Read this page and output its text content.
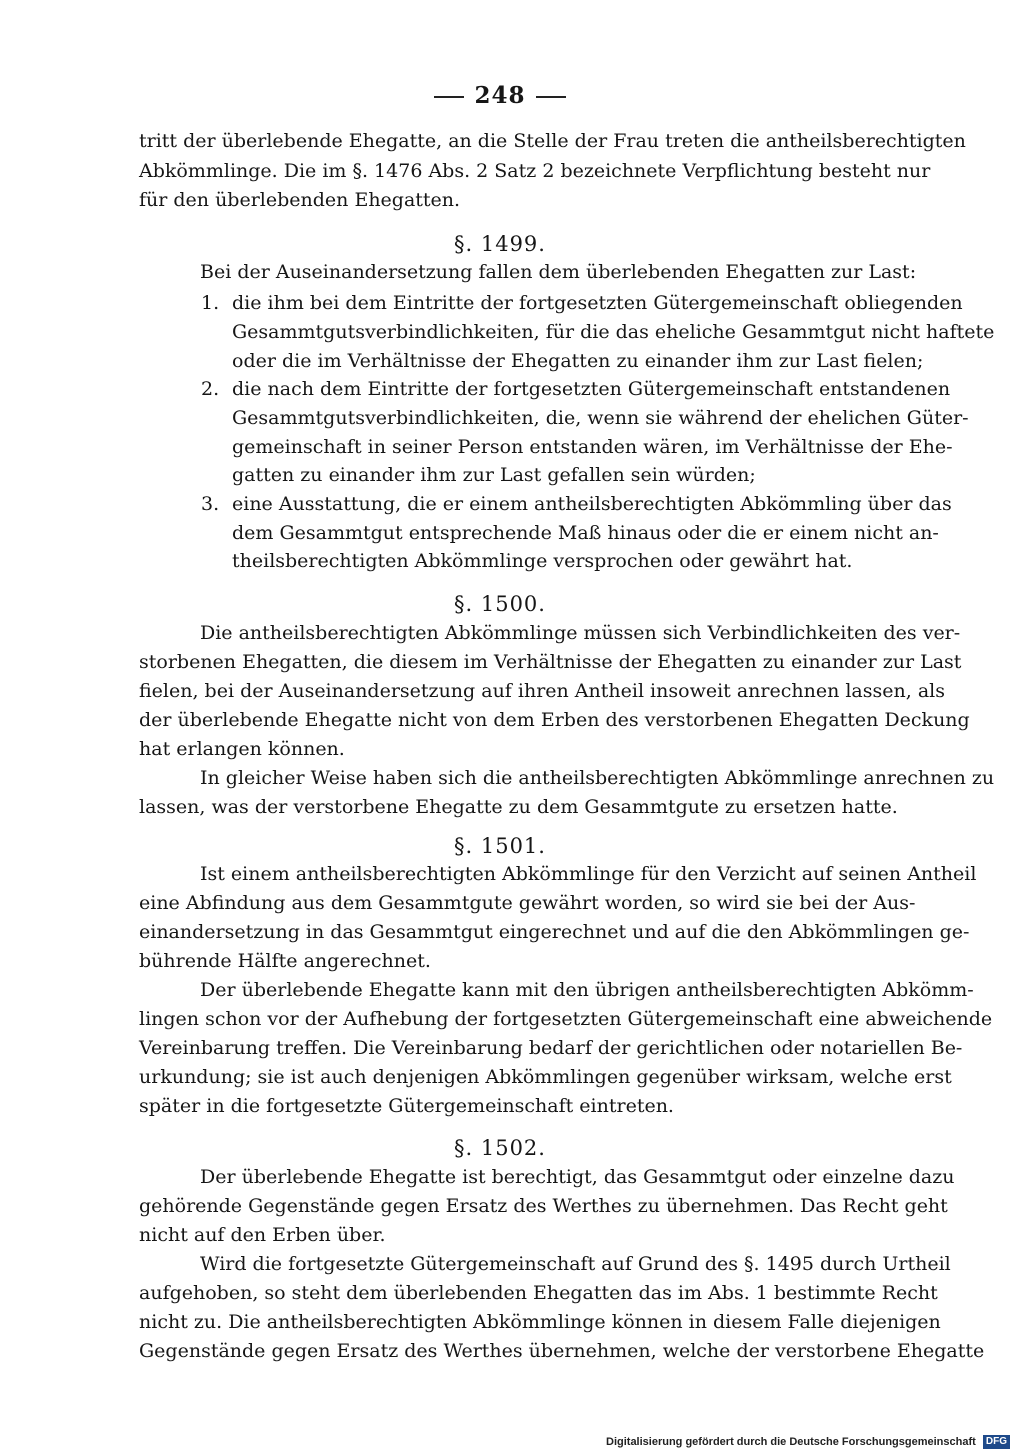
248
tritt der überlebende Ehegatte, an die Stelle der Frau treten die antheilsberechtigten
Abkömmlinge. Die im §. 1476 Abs. 2 Satz 2 bezeichnete Verpflichtung besteht nur
für den überlebenden Ehegatten.
§. 1499.
Bei der Auseinandersetzung fallen dem überlebenden Ehegatten zur Last:
1. die ihm bei dem Eintritte der fortgesetzten Gütergemeinschaft obliegenden
Gesammtgutsverbindlichkeiten, für die das eheliche Gesammtgut nicht haftete
oder die im Verhältnisse der Ehegatten zu einander ihm zur Last fielen;
2. die nach dem Eintritte der fortgesetzten Gütergemeinschaft entstandenen
Gesammtgutsverbindlichkeiten, die, wenn sie während der ehelichen Güter-
gemeinschaft in seiner Person entstanden wären, im Verhältnisse der Ehe-
gatten zu einander ihm zur Last gefallen sein würden;
3. eine Ausstattung, die er einem antheilsberechtigten Abkömmling über das
dem Gesammtgut entsprechende Maß hinaus oder die er einem nicht an-
theilsberechtigten Abkömmlinge versprochen oder gewährt hat.
§. 1500.
Die antheilsberechtigten Abkömmlinge müssen sich Verbindlichkeiten des ver-
storbenen Ehegatten, die diesem im Verhältnisse der Ehegatten zu einander zur Last
fielen, bei der Auseinandersetzung auf ihren Antheil insoweit anrechnen lassen, als
der überlebende Ehegatte nicht von dem Erben des verstorbenen Ehegatten Deckung
hat erlangen können.
In gleicher Weise haben sich die antheilsberechtigten Abkömmlinge anrechnen zu
lassen, was der verstorbene Ehegatte zu dem Gesammtgute zu ersetzen hatte.
§. 1501.
Ist einem antheilsberechtigten Abkömmlinge für den Verzicht auf seinen Antheil
eine Abfindung aus dem Gesammtgute gewährt worden, so wird sie bei der Aus-
einandersetzung in das Gesammtgut eingerechnet und auf die den Abkömmlingen ge-
bührende Hälfte angerechnet.
Der überlebende Ehegatte kann mit den übrigen antheilsberechtigten Abkömm-
lingen schon vor der Aufhebung der fortgesetzten Gütergemeinschaft eine abweichende
Vereinbarung treffen. Die Vereinbarung bedarf der gerichtlichen oder notariellen Be-
urkundung; sie ist auch denjenigen Abkömmlingen gegenüber wirksam, welche erst
später in die fortgesetzte Gütergemeinschaft eintreten.
§. 1502.
Der überlebende Ehegatte ist berechtigt, das Gesammtgut oder einzelne dazu
gehörende Gegenstände gegen Ersatz des Werthes zu übernehmen. Das Recht geht
nicht auf den Erben über.
Wird die fortgesetzte Gütergemeinschaft auf Grund des §. 1495 durch Urtheil
aufgehoben, so steht dem überlebenden Ehegatten das im Abs. 1 bestimmte Recht
nicht zu. Die antheilsberechtigten Abkömmlinge können in diesem Falle diejenigen
Gegenstände gegen Ersatz des Werthes übernehmen, welche der verstorbene Ehegatte
Digitalisierung gefördert durch die Deutsche Forschungsgemeinschaft DFG
